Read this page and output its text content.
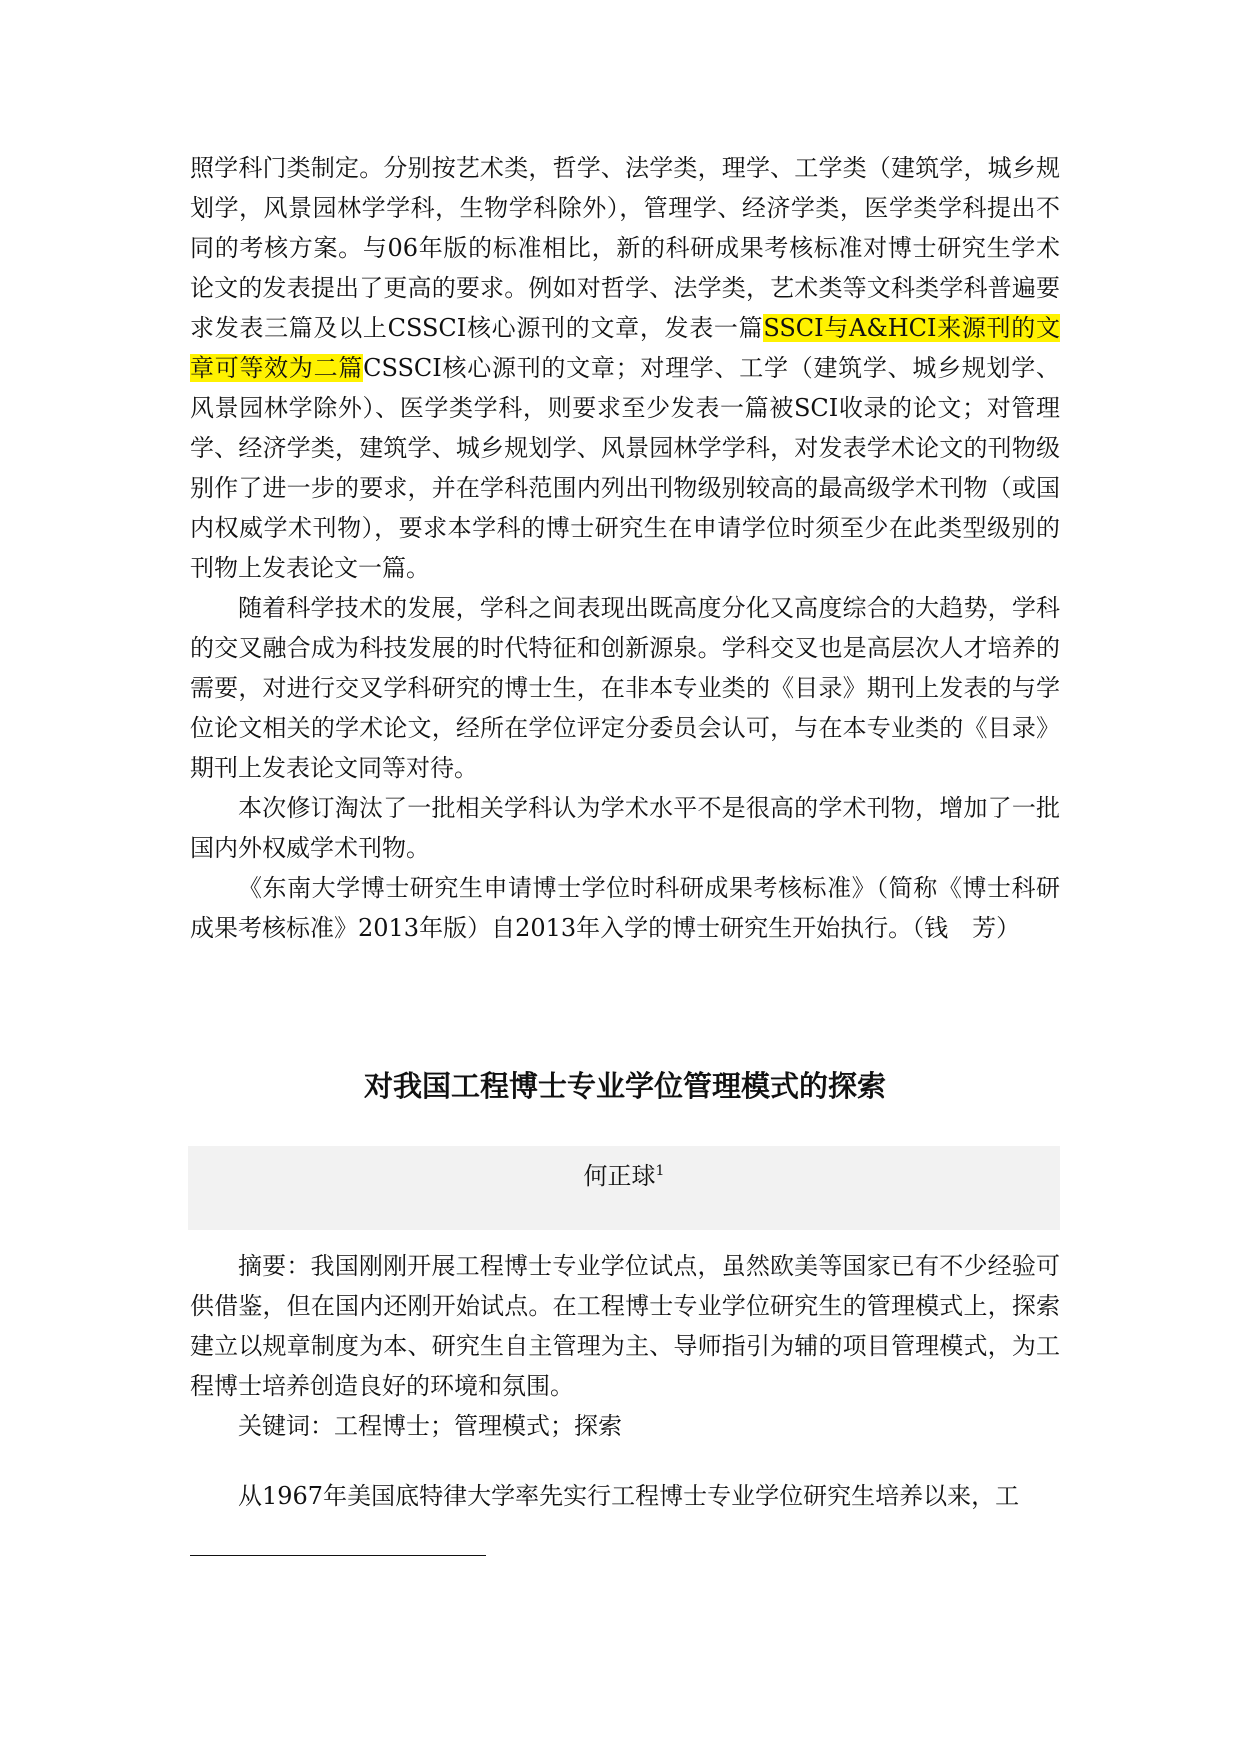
照学科门类制定。分别按艺术类，哲学、法学类，理学、工学类（建筑学，城乡规划学，风景园林学学科，生物学科除外），管理学、经济学类，医学类学科提出不同的考核方案。与06年版的标准相比，新的科研成果考核标准对博士研究生学术论文的发表提出了更高的要求。例如对哲学、法学类，艺术类等文科类学科普遍要求发表三篇及以上CSSCI核心源刊的文章，发表一篇SSCI与A&HCI来源刊的文章可等效为二篇CSSCI核心源刊的文章；对理学、工学（建筑学、城乡规划学、风景园林学除外）、医学类学科，则要求至少发表一篇被SCI收录的论文；对管理学、经济学类，建筑学、城乡规划学、风景园林学学科，对发表学术论文的刊物级别作了进一步的要求，并在学科范围内列出刊物级别较高的最高级学术刊物（或国内权威学术刊物），要求本学科的博士研究生在申请学位时须至少在此类型级别的刊物上发表论文一篇。

随着科学技术的发展，学科之间表现出既高度分化又高度综合的大趋势，学科的交叉融合成为科技发展的时代特征和创新源泉。学科交叉也是高层次人才培养的需要，对进行交叉学科研究的博士生，在非本专业类的《目录》期刊上发表的与学位论文相关的学术论文，经所在学位评定分委员会认可，与在本专业类的《目录》期刊上发表论文同等对待。

本次修订淘汰了一批相关学科认为学术水平不是很高的学术刊物，增加了一批国内外权威学术刊物。

《东南大学博士研究生申请博士学位时科研成果考核标准》（简称《博士科研成果考核标准》2013年版）自2013年入学的博士研究生开始执行。（钱　芳）

对我国工程博士专业学位管理模式的探索

何正球$^1$

摘要：我国刚刚开展工程博士专业学位试点，虽然欧美等国家已有不少经验可供借鉴，但在国内还刚开始试点。在工程博士专业学位研究生的管理模式上，探索建立以规章制度为本、研究生自主管理为主、导师指引为辅的项目管理模式，为工程博士培养创造良好的环境和氛围。

关键词：工程博士；管理模式；探索

从1967年美国底特律大学率先实行工程博士专业学位研究生培养以来，工
